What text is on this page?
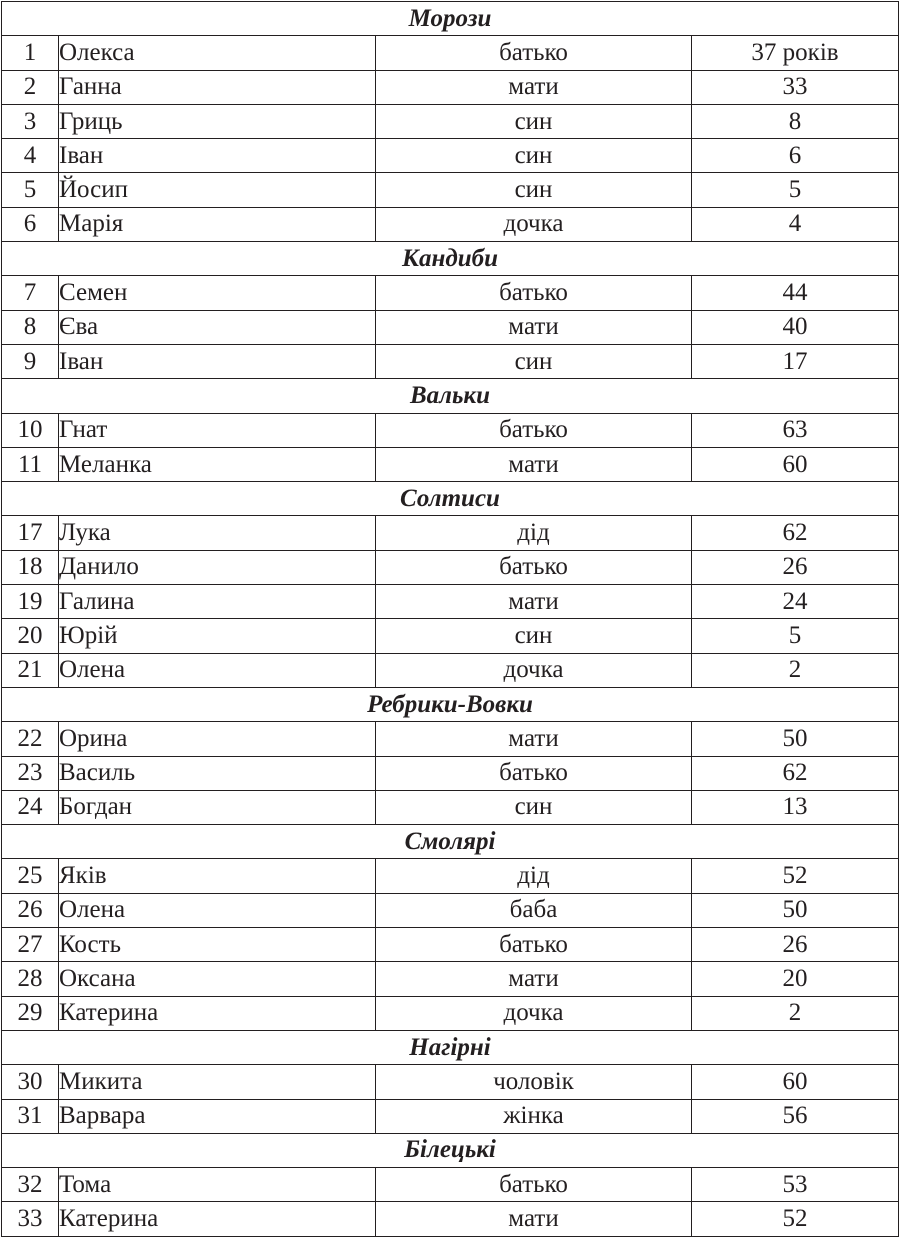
Морози			
1	Олекса	батько	37 років
2	Ганна	мати	33
3	Гриць	син	8
4	Іван	син	6
5	Йосип	син	5
6	Марія	дочка	4
Кандиби			
7	Семен	батько	44
8	Єва	мати	40
9	Іван	син	17
Вальки			
10	Гнат	батько	63
11	Меланка	мати	60
Солтиси			
17	Лука	дід	62
18	Данило	батько	26
19	Галина	мати	24
20	Юрій	син	5
21	Олена	дочка	2
Ребрики-Вовки			
22	Орина	мати	50
23	Василь	батько	62
24	Богдан	син	13
Смолярі			
25	Яків	дід	52
26	Олена	баба	50
27	Кость	батько	26
28	Оксана	мати	20
29	Катерина	дочка	2
Нагірні			
30	Микита	чоловік	60
31	Варвара	жінка	56
Білецькі			
32	Тома	батько	53
33	Катерина	мати	52
